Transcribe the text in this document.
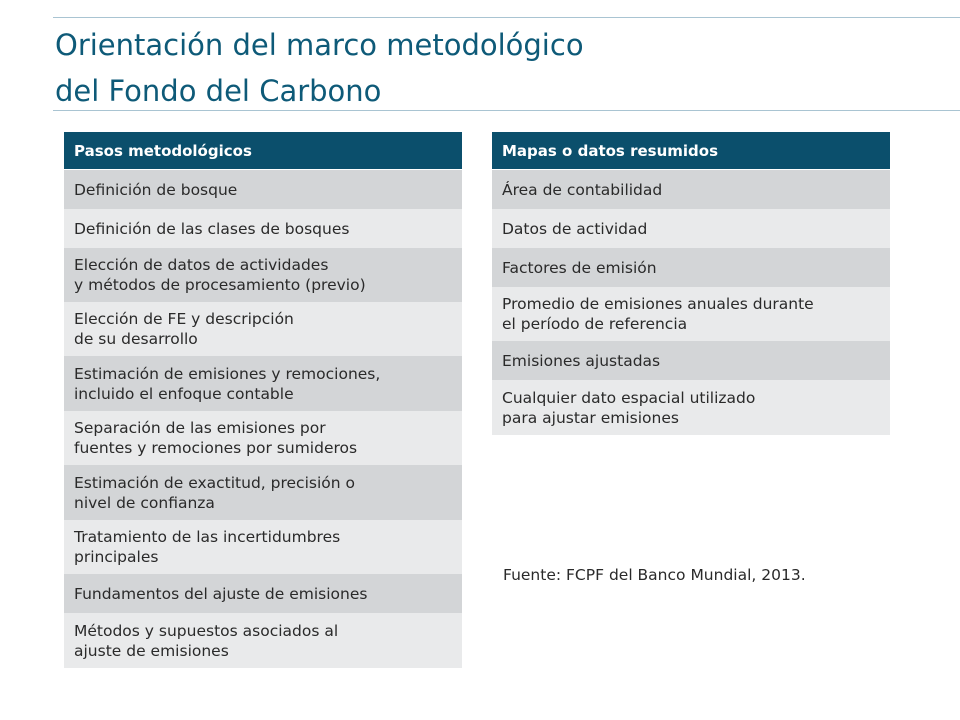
Orientación del marco metodológico
del Fondo del Carbono
Pasos metodológicos
Definición de bosque
Definición de las clases de bosques
Elección de datos de actividades
y métodos de procesamiento (previo)
Elección de FE y descripción
de su desarrollo
Estimación de emisiones y remociones,
incluido el enfoque contable
Separación de las emisiones por
fuentes y remociones por sumideros
Estimación de exactitud, precisión o
nivel de confianza
Tratamiento de las incertidumbres
principales
Fundamentos del ajuste de emisiones
Métodos y supuestos asociados al
ajuste de emisiones
Mapas o datos resumidos
Área de contabilidad
Datos de actividad
Factores de emisión
Promedio de emisiones anuales durante
el período de referencia
Emisiones ajustadas
Cualquier dato espacial utilizado
para ajustar emisiones
Fuente: FCPF del Banco Mundial, 2013.
